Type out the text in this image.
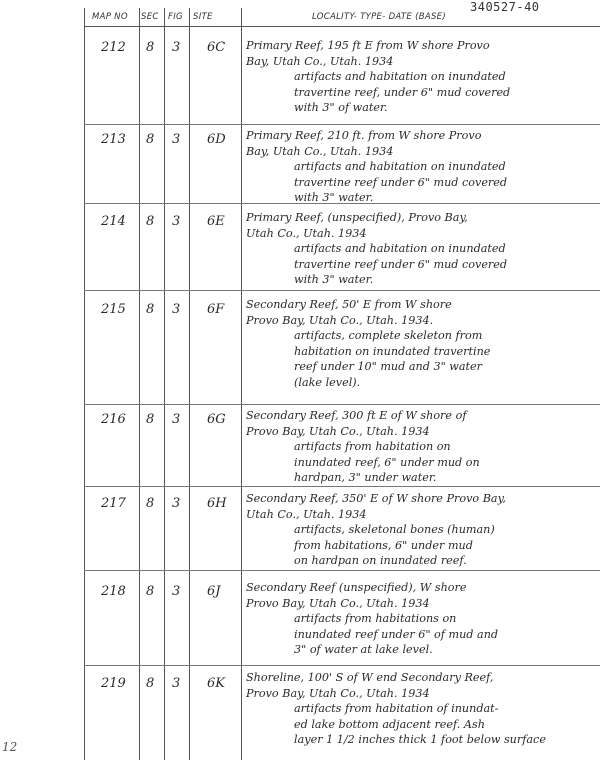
340527-40
MAP NO SEC FIG SITE	LOCALITY- TYPE- DATE (BASE)
212 8 3 6C Primary Reef, 195 ft E from W shore Provo
Bay, Utah Co., Utah. 1934
artifacts and habitation on inundated
travertine reef, under 6" mud covered
with 3" of water.
213 8 3 6D Primary Reef, 210 ft. from W shore Provo
Bay, Utah Co., Utah. 1934
artifacts and habitation on inundated
travertine reef under 6" mud covered
with 3" water.
214 8 3 6E Primary Reef, (unspecified), Provo Bay,
Utah Co., Utah. 1934
artifacts and habitation on inundated
travertine reef under 6" mud covered
with 3" water.
215 8 3 6F Secondary Reef, 50' E from W shore
Provo Bay, Utah Co., Utah. 1934.
artifacts, complete skeleton from
habitation on inundated travertine
reef under 10" mud and 3" water
(lake level).
216 8 3 6G Secondary Reef, 300 ft E of W shore of
Provo Bay, Utah Co., Utah. 1934
artifacts from habitation on
inundated reef, 6" under mud on
hardpan, 3" under water.
217 8 3 6H Secondary Reef, 350' E of W shore Provo Bay,
Utah Co., Utah. 1934
artifacts, skeletonal bones (human)
from habitations, 6" under mud
on hardpan on inundated reef.
218 8 3 6J Secondary Reef (unspecified), W shore
Provo Bay, Utah Co., Utah. 1934
artifacts from habitations on
inundated reef under 6" of mud and
3" of water at lake level.
219 8 3 6K Shoreline, 100' S of W end Secondary Reef,
Provo Bay, Utah Co., Utah. 1934
artifacts from habitation of inundat-
ed lake bottom adjacent reef. Ash
layer 1 1/2 inches thick 1 foot below surface
12
